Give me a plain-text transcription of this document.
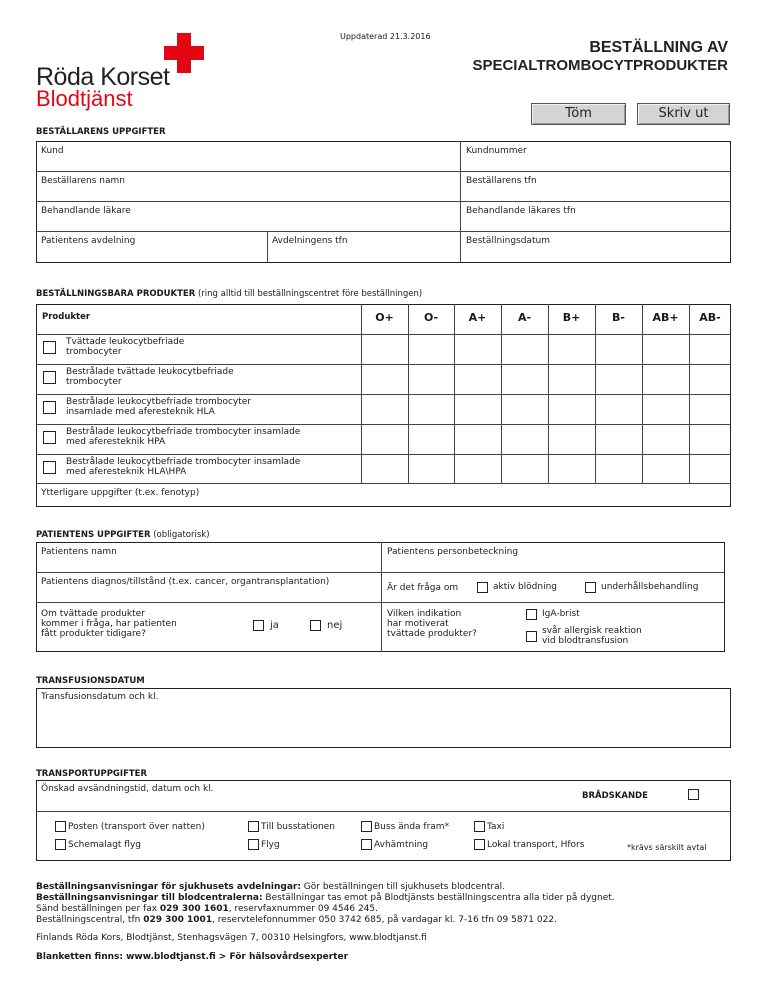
Uppdaterad 21.3.2016
Röda Korset
Blodtjänst
BESTÄLLNING AV
SPECIALTROMBOCYTPRODUKTER
Töm	Skriv ut
BESTÄLLARENS UPPGIFTER
Kund	Kundnummer
Beställarens namn	Beställarens tfn
Behandlande läkare	Behandlande läkares tfn
Patientens avdelning	Avdelningens tfn	Beställningsdatum
BESTÄLLNINGSBARA PRODUKTER (ring alltid till beställningscentret före beställningen)
Produkter	O+	O-	A+	A-	B+	B-	AB+	AB-
Tvättade leukocytbefriade
trombocyter
Bestrålade tvättade leukocytbefriade
trombocyter
Bestrålade leukocytbefriade trombocyter
insamlade med aferesteknik HLA
Bestrålade leukocytbefriade trombocyter insamlade
med aferesteknik HPA
Bestrålade leukocytbefriade trombocyter insamlade
med aferesteknik HLA\HPA
Ytterligare uppgifter (t.ex. fenotyp)
PATIENTENS UPPGIFTER (obligatorisk)
Patientens namn	Patientens personbeteckning
Patientens diagnos/tillstånd (t.ex. cancer, organtransplantation)
Är det fråga om	aktiv blödning	underhållsbehandling
Om tvättade produkter
kommer i fråga, har patienten
fått produkter tidigare?
ja	nej
Vilken indikation
har motiverat
tvättade produkter?
IgA-brist
svår allergisk reaktion
vid blodtransfusion
TRANSFUSIONSDATUM
Transfusionsdatum och kl.
TRANSPORTUPPGIFTER
Önskad avsändningstid, datum och kl.
BRÅDSKANDE
Posten (transport över natten)	Till busstationen	Buss ända fram*	Taxi
Schemalagt flyg	Flyg	Avhämtning	Lokal transport, Hfors	*krävs särskilt avtal
Beställningsanvisningar för sjukhusets avdelningar: Gör beställningen till sjukhusets blodcentral.
Beställningsanvisningar till blodcentralerna: Beställningar tas emot på Blodtjänsts beställningscentra alla tider på dygnet.
Sänd beställningen per fax 029 300 1601, reservfaxnummer 09 4546 245.
Beställningscentral, tfn 029 300 1001, reservtelefonnummer 050 3742 685, på vardagar kl. 7-16 tfn 09 5871 022.
Finlands Röda Kors, Blodtjänst, Stenhagsvägen 7, 00310 Helsingfors, www.blodtjanst.fi
Blanketten finns: www.blodtjanst.fi > För hälsovårdsexperter
